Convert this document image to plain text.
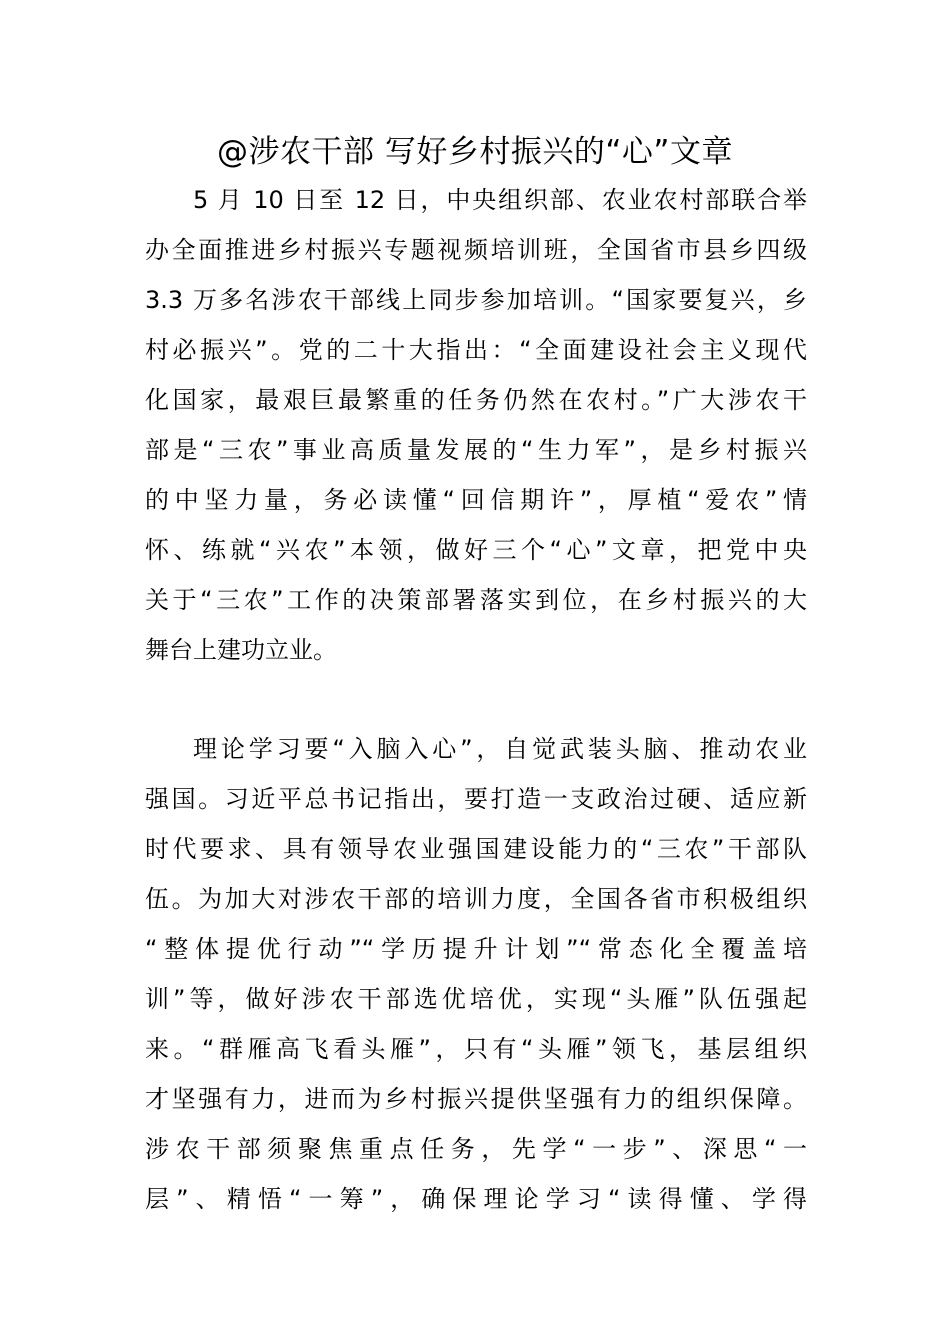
@涉农干部 写好乡村振兴的“心”文章
5 月 10 日至 12 日，中央组织部、农业农村部联合举
办全面推进乡村振兴专题视频培训班，全国省市县乡四级
3.3 万多名涉农干部线上同步参加培训。“国家要复兴，乡
村必振兴”。党的二十大指出：“全面建设社会主义现代
化国家，最艰巨最繁重的任务仍然在农村。”广大涉农干
部是“三农”事业高质量发展的“生力军”，是乡村振兴
的中坚力量，务必读懂“回信期许”，厚植“爱农”情
怀、练就“兴农”本领，做好三个“心”文章，把党中央
关于“三农”工作的决策部署落实到位，在乡村振兴的大
舞台上建功立业。
理论学习要“入脑入心”，自觉武装头脑、推动农业
强国。习近平总书记指出，要打造一支政治过硬、适应新
时代要求、具有领导农业强国建设能力的“三农”干部队
伍。为加大对涉农干部的培训力度，全国各省市积极组织
“整体提优行动”“学历提升计划”“常态化全覆盖培
训”等，做好涉农干部选优培优，实现“头雁”队伍强起
来。“群雁高飞看头雁”，只有“头雁”领飞，基层组织
才坚强有力，进而为乡村振兴提供坚强有力的组织保障。
涉农干部须聚焦重点任务，先学“一步”、深思“一
层”、精悟“一筹”，确保理论学习“读得懂、学得
